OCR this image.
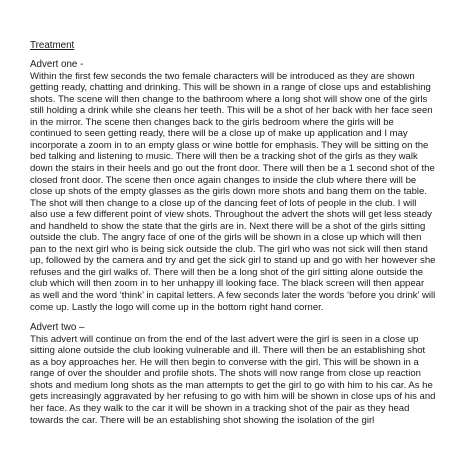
Treatment
Advert one -

Within the first few seconds the two female characters will be introduced as they are shown getting ready, chatting and drinking. This will be shown in a range of close ups and establishing shots. The scene will then change to the bathroom where a long shot will show one of the girls still holding a drink while she cleans her teeth. This will be a shot of her back with her face seen in the mirror. The scene then changes back to the girls bedroom where the girls will be continued to seen getting ready, there will be a close up of make up application and I may incorporate a zoom in to an empty glass or wine bottle for emphasis. They will be sitting on the bed talking and listening to music. There will then be a tracking shot of the girls as they walk down the stairs in their heels and go out the front door. There will then be a 1 second shot of the closed front door. The scene then once again changes to inside the club where there will be close up shots of the empty glasses as the girls down more shots and bang them on the table. The shot will then change to a close up of the dancing feet of lots of people in the club. I will also use a few different point of view shots. Throughout the advert the shots will get less steady and handheld to show the state that the girls are in. Next there will be a shot of the girls sitting outside the club. The angry face of one of the girls will be shown in a close up which will then pan to the next girl who is being sick outside the club. The girl who was not sick will then stand up, followed by the camera and try and get the sick girl to stand up and go with her however she refuses and the girl walks of. There will then be a long shot of the girl sitting alone outside the club which will then zoom in to her unhappy ill looking face. The black screen will then appear as well and the word ‘think’ in capital letters. A few seconds later the words ‘before you drink’ will come up. Lastly the logo will come up in the bottom right hand corner.

Advert two –

This advert will continue on from the end of the last advert were the girl is seen in a close up sitting alone outside the club looking vulnerable and ill. There will then be an establishing shot as a boy approaches her. He will then begin to converse with the girl. This will be shown in a range of over the shoulder and profile shots. The shots will now range from close up reaction shots and medium long shots as the man attempts to get the girl to go with him to his car. As he gets increasingly aggravated by her refusing to go with him will be shown in close ups of his and her face. As they walk to the car it will be shown in a tracking shot of the pair as they head towards the car. There will be an establishing shot showing the isolation of the girl
